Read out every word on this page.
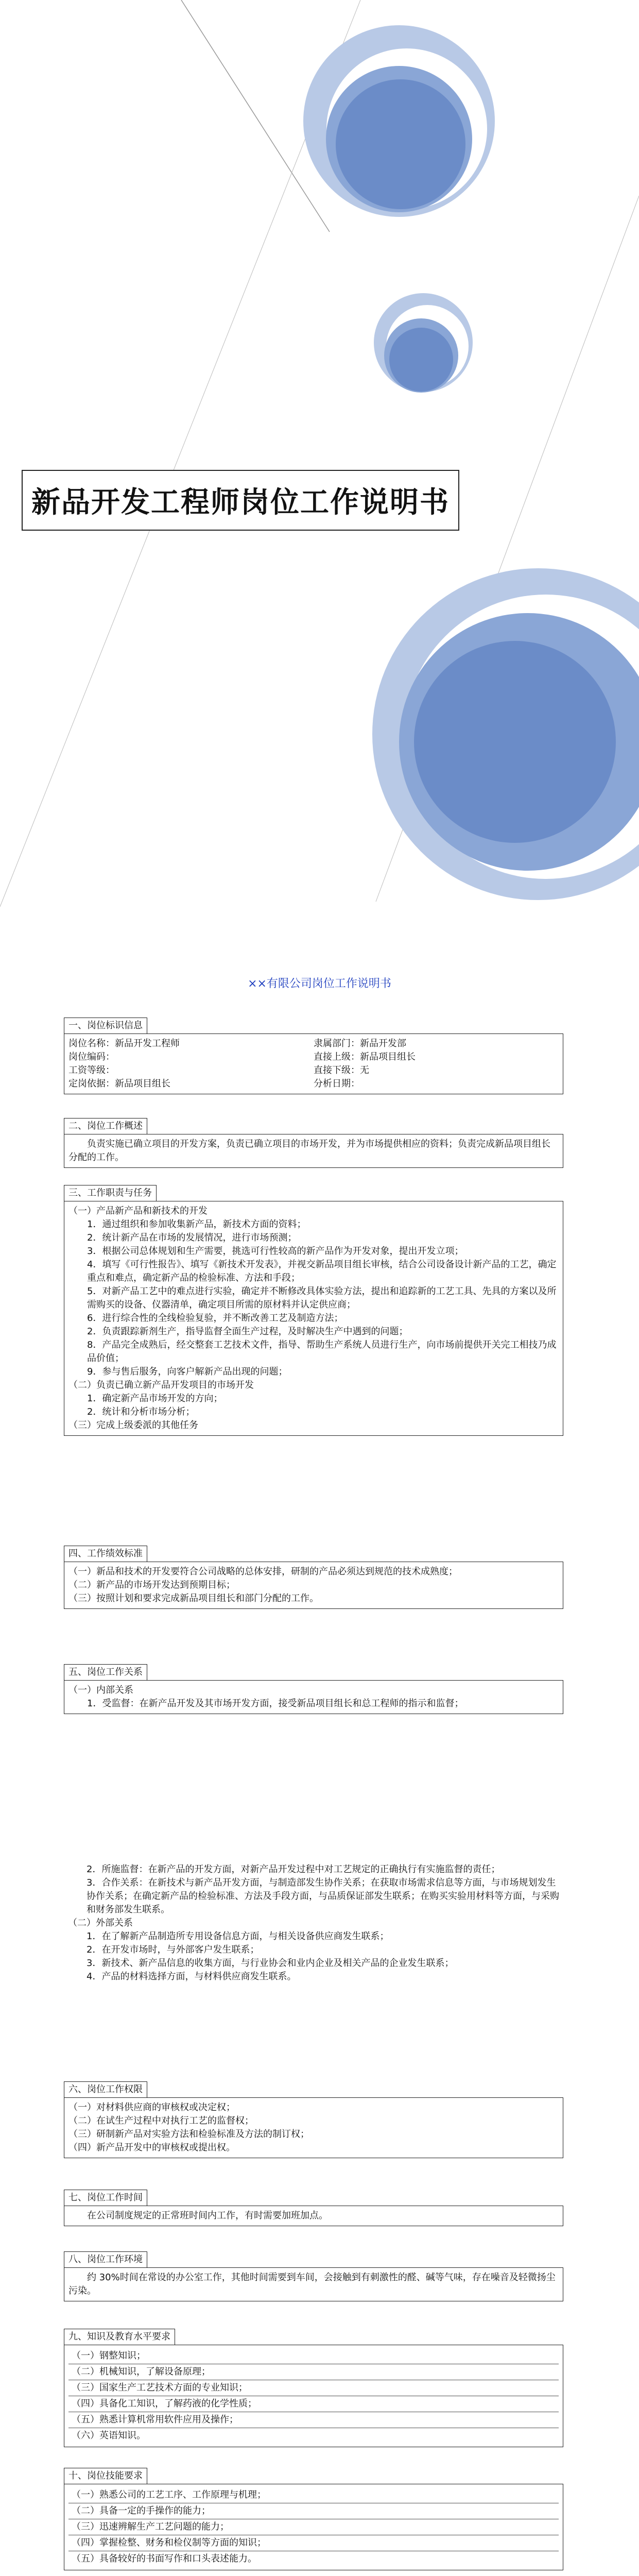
新品开发工程师岗位工作说明书
××有限公司岗位工作说明书
一、岗位标识信息
岗位名称：新品开发工程师	隶属部门：新品开发部
岗位编码：	直接上级：新品项目组长
工资等级：	直接下级：无
定岗依据：新品项目组长	分析日期：
二、岗位工作概述
负责实施已确立项目的开发方案，负责已确立项目的市场开发，并为市场提供相应的资料；负责完成新品项目组长分配的工作。
三、工作职责与任务
（一）产品新产品和新技术的开发
1．通过组织和参加收集新产品，新技术方面的资料；
2．统计新产品在市场的发展情况，进行市场预测；
3．根据公司总体规划和生产需要，挑选可行性较高的新产品作为开发对象，提出开发立项；
4．填写《可行性报告》、填写《新技术开发表》，并视交新品项目组长审核，结合公司设备设计新产品的工艺，确定重点和难点，确定新产品的检验标准、方法和手段；
5．对新产品工艺中的难点进行实验，确定并不断修改具体实验方法，提出和追踪新的工艺工具、先具的方案以及所需购买的设备、仪器清单，确定项目所需的原材料并认定供应商；
6．进行综合性的全线检验复验，并不断改善工艺及制造方法；
2．负责跟踪新剂生产，指导监督全面生产过程，及时解决生产中遇到的问题；
8．产品完全成熟后，经交整套工艺技术文件，指导、帮助生产系统人员进行生产，向市场前提供开关完工相技乃成品价值；
9．参与售后服务，向客户解新产品出现的问题；
（二）负责已确立新产品开发项目的市场开发
1．确定新产品市场开发的方向；
2．统计和分析市场分析；
（三）完成上级委派的其他任务
四、工作绩效标准
（一）新品和技术的开发要符合公司战略的总体安排，研制的产品必须达到规范的技术成熟度；
（二）新产品的市场开发达到预期目标；
（三）按照计划和要求完成新品项目组长和部门分配的工作。
五、岗位工作关系
（一）内部关系
1．受监督：在新产品开发及其市场开发方面，接受新品项目组长和总工程师的指示和监督；
2．所施监督：在新产品的开发方面，对新产品开发过程中对工艺规定的正确执行有实施监督的责任；
3．合作关系：在新技术与新产品开发方面，与制造部发生协作关系；在获取市场需求信息等方面，与市场规划发生协作关系；在确定新产品的检验标准、方法及手段方面，与品质保证部发生联系；在购买实验用材料等方面，与采购和财务部发生联系。
（二）外部关系
1．在了解新产品制造所专用设备信息方面，与相关设备供应商发生联系；
2．在开发市场时，与外部客户发生联系；
3．新技术、新产品信息的收集方面，与行业协会和业内企业及相关产品的企业发生联系；
4．产品的材料选择方面，与材料供应商发生联系。
六、岗位工作权限
（一）对材料供应商的审核权或决定权；
（二）在试生产过程中对执行工艺的监督权；
（三）研制新产品对实验方法和检验标准及方法的制订权；
（四）新产品开发中的审核权或提出权。
七、岗位工作时间
在公司制度规定的正常班时间内工作，有时需要加班加点。
八、岗位工作环境
约 30%时间在常设的办公室工作，其他时间需要到车间，会接触到有刺激性的醛、碱等气味，存在噪音及轻微扬尘污染。
九、知识及教育水平要求
（一）钢整知识；
（二）机械知识，了解设备原理；
（三）国家生产工艺技术方面的专业知识；
（四）具备化工知识，了解药液的化学性质；
（五）熟悉计算机常用软件应用及操作；
（六）英语知识。
十、岗位技能要求
（一）熟悉公司的工艺工序、工作原理与机理；
（二）具备一定的手操作的能力；
（三）迅速辨解生产工艺问题的能力；
（四）掌握检整、财务和检仪制等方面的知识；
（五）具备较好的书面写作和口头表述能力。
